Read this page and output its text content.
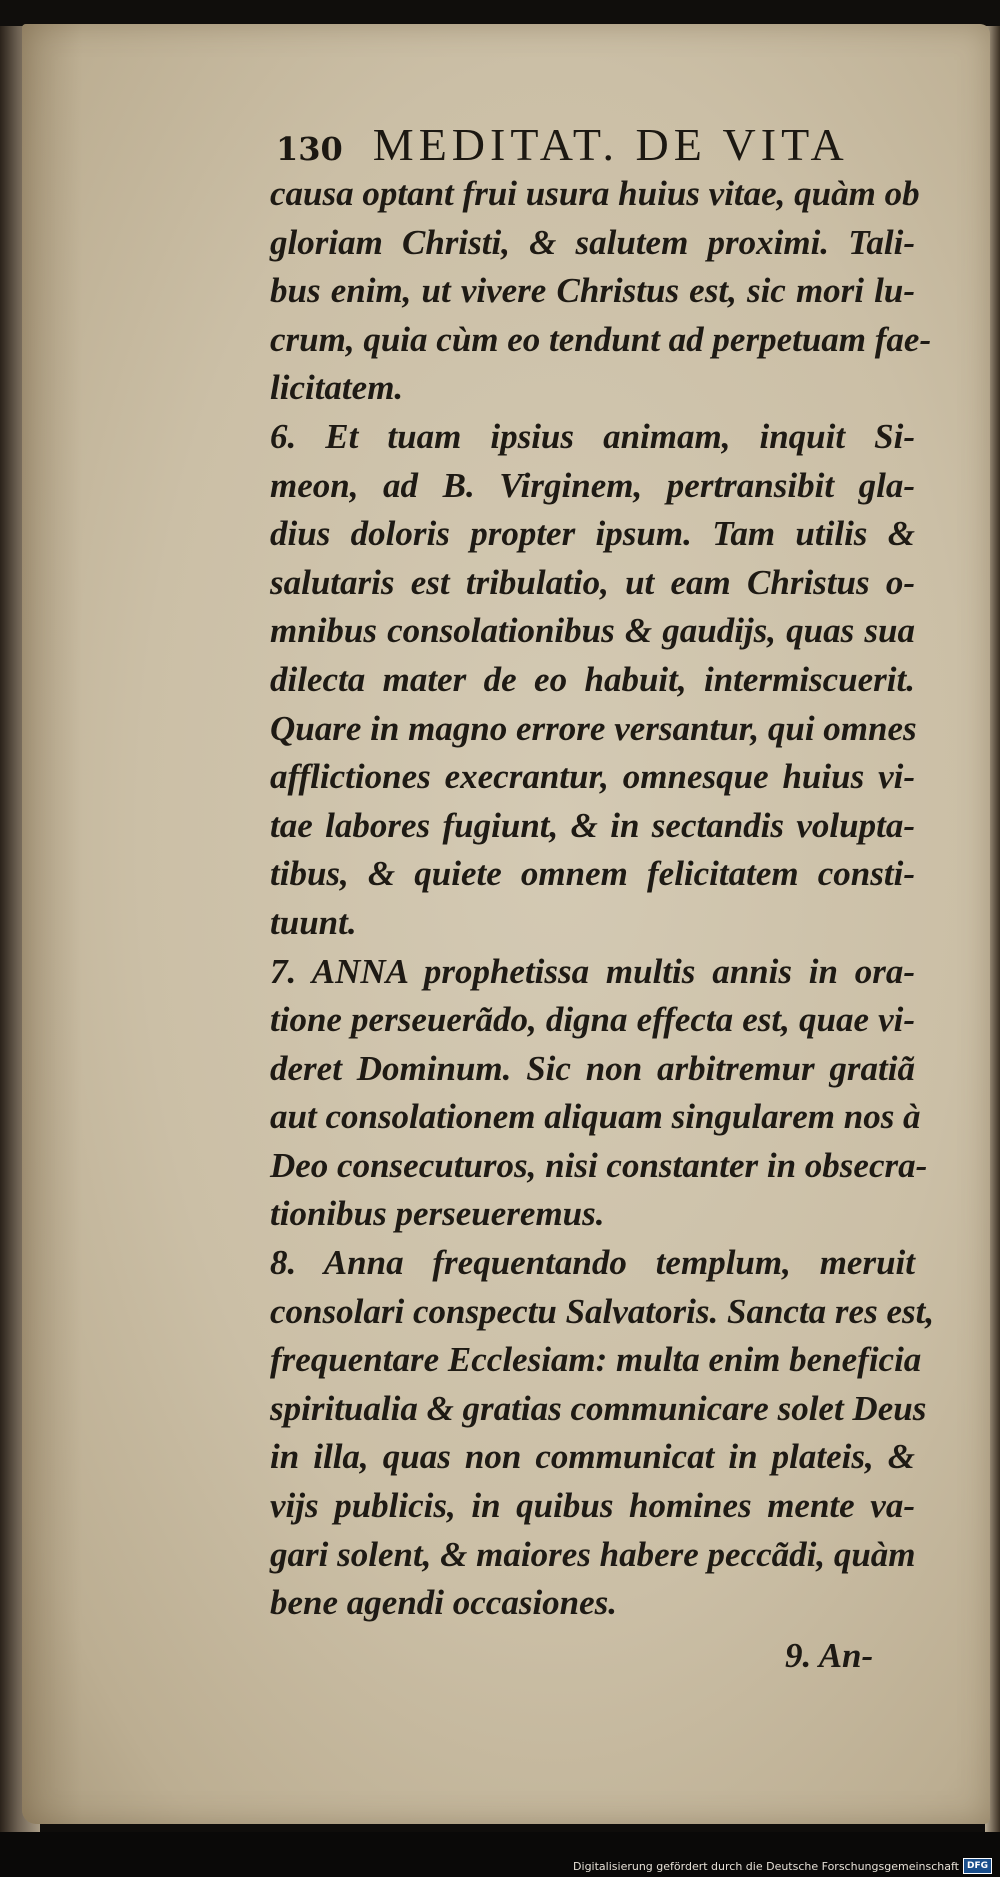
130 MEDITAT. DE VITA
causa optant frui usura huius vitae, quàm ob
gloriam Christi, & salutem proximi. Tali-
bus enim, ut vivere Christus est, sic mori lu-
crum, quia cùm eo tendunt ad perpetuam fae-
licitatem.
6. Et tuam ipsius animam, inquit Si-
meon, ad B. Virginem, pertransibit gla-
dius doloris propter ipsum. Tam utilis &
salutaris est tribulatio, ut eam Christus o-
mnibus consolationibus & gaudijs, quas sua
dilecta mater de eo habuit, intermiscuerit.
Quare in magno errore versantur, qui omnes
afflictiones execrantur, omnesque huius vi-
tae labores fugiunt, & in sectandis volupta-
tibus, & quiete omnem felicitatem consti-
tuunt.
7. ANNA prophetissa multis annis in ora-
tione perseuerãdo, digna effecta est, quae vi-
deret Dominum. Sic non arbitremur gratiã
aut consolationem aliquam singularem nos à
Deo consecuturos, nisi constanter in obsecra-
tionibus perseueremus.
8. Anna frequentando templum, meruit
consolari conspectu Salvatoris. Sancta res est,
frequentare Ecclesiam: multa enim beneficia
spiritualia & gratias communicare solet Deus
in illa, quas non communicat in plateis, &
vijs publicis, in quibus homines mente va-
gari solent, & maiores habere peccãdi, quàm
bene agendi occasiones.
9. An-
Digitalisierung gefördert durch die Deutsche Forschungsgemeinschaft DFG
